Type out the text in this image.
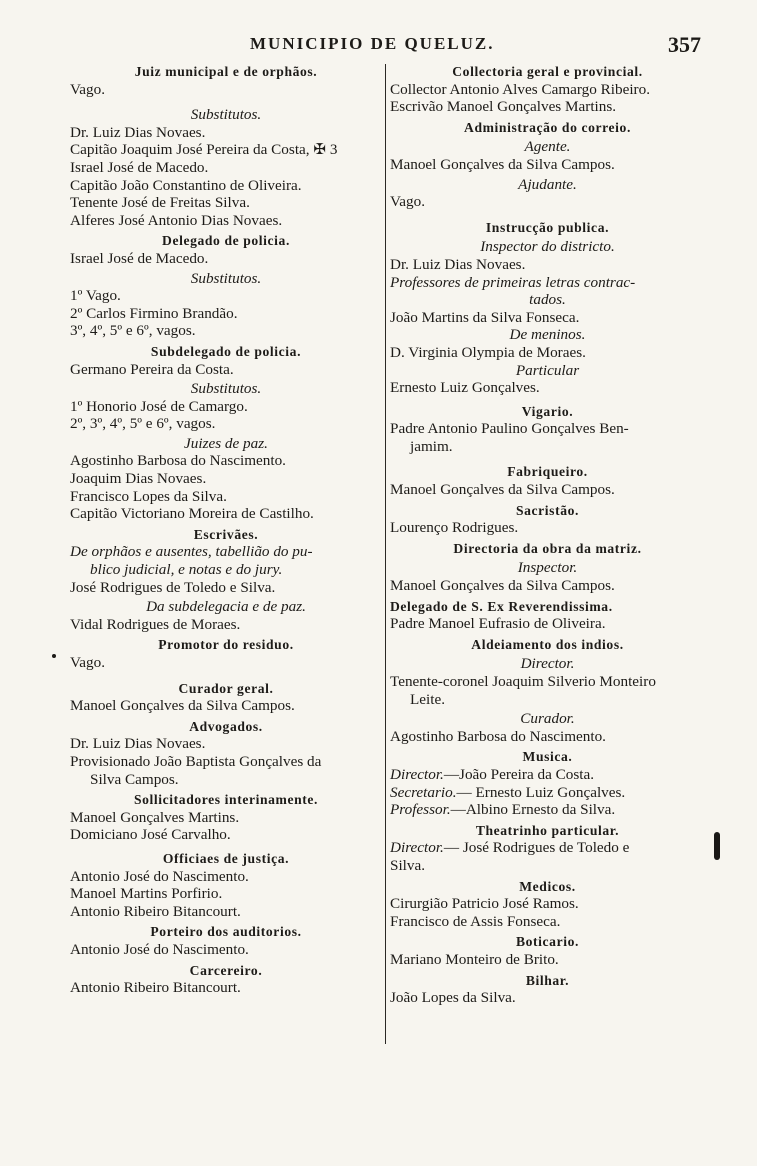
MUNICIPIO DE QUELUZ.	357
Juiz municipal e de orphãos.
Vago.
Substitutos.
Dr. Luiz Dias Novaes.
Capitão Joaquim José Pereira da Costa, ✠ 3
Israel José de Macedo.
Capitão João Constantino de Oliveira.
Tenente José de Freitas Silva.
Alferes José Antonio Dias Novaes.
Delegado de policia.
Israel José de Macedo.
Substitutos.
1º Vago.
2º Carlos Firmino Brandão.
3º, 4º, 5º e 6º, vagos.
Subdelegado de policia.
Germano Pereira da Costa.
Substitutos.
1º Honorio José de Camargo.
2º, 3º, 4º, 5º e 6º, vagos.
Juizes de paz.
Agostinho Barbosa do Nascimento.
Joaquim Dias Novaes.
Francisco Lopes da Silva.
Capitão Victoriano Moreira de Castilho.
Escrivães.
De orphãos e ausentes, tabellião do pu-
blico judicial, e notas e do jury.
José Rodrigues de Toledo e Silva.
Da subdelegacia e de paz.
Vidal Rodrigues de Moraes.
Promotor do residuo.
Vago.
Curador geral.
Manoel Gonçalves da Silva Campos.
Advogados.
Dr. Luiz Dias Novaes.
Provisionado João Baptista Gonçalves da
Silva Campos.
Sollicitadores interinamente.
Manoel Gonçalves Martins.
Domiciano José Carvalho.
Officiaes de justiça.
Antonio José do Nascimento.
Manoel Martins Porfirio.
Antonio Ribeiro Bitancourt.
Porteiro dos auditorios.
Antonio José do Nascimento.
Carcereiro.
Antonio Ribeiro Bitancourt.
Collectoria geral e provincial.
Collector Antonio Alves Camargo Ribeiro.
Escrivão Manoel Gonçalves Martins.
Administração do correio.
Agente.
Manoel Gonçalves da Silva Campos.
Ajudante.
Vago.
Instrucção publica.
Inspector do districto.
Dr. Luiz Dias Novaes.
Professores de primeiras letras contrac-
tados.
João Martins da Silva Fonseca.
De meninos.
D. Virginia Olympia de Moraes.
Particular
Ernesto Luiz Gonçalves.
Vigario.
Padre Antonio Paulino Gonçalves Ben-
jamim.
Fabriqueiro.
Manoel Gonçalves da Silva Campos.
Sacristão.
Lourenço Rodrigues.
Directoria da obra da matriz.
Inspector.
Manoel Gonçalves da Silva Campos.
Delegado de S. Ex Reverendissima.
Padre Manoel Eufrasio de Oliveira.
Aldeiamento dos indios.
Director.
Tenente-coronel Joaquim Silverio Monteiro
Leite.
Curador.
Agostinho Barbosa do Nascimento.
Musica.
Director.—João Pereira da Costa.
Secretario.— Ernesto Luiz Gonçalves.
Professor.—Albino Ernesto da Silva.
Theatrinho particular.
Director.— José Rodrigues de Toledo e
Silva.
Medicos.
Cirurgião Patricio José Ramos.
Francisco de Assis Fonseca.
Boticario.
Mariano Monteiro de Brito.
Bilhar.
João Lopes da Silva.
